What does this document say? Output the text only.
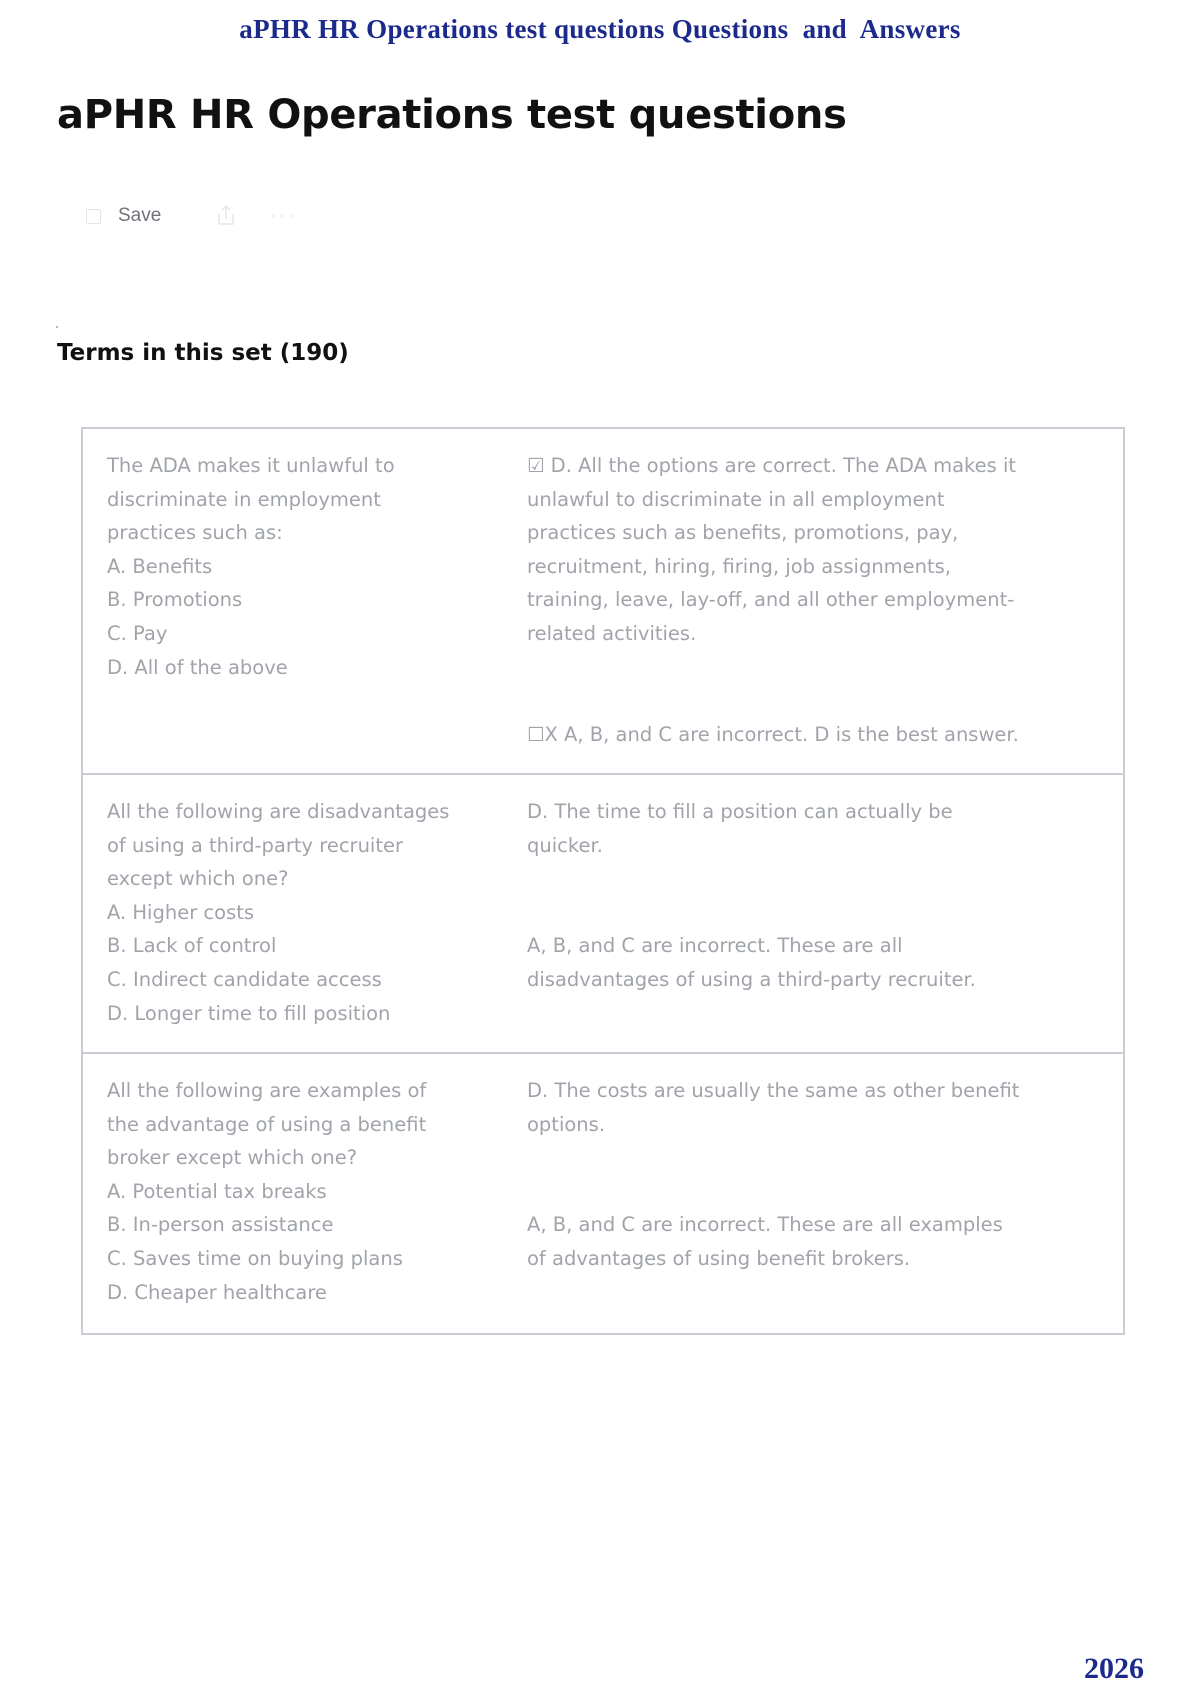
aPHR HR Operations test questions Questions  and  Answers
aPHR HR Operations test questions
Save
Terms in this set (190)
The ADA makes it unlawful to
discriminate in employment
practices such as:
A. Benefits
B. Promotions
C. Pay
D. All of the above
☑ D. All the options are correct. The ADA makes it
unlawful to discriminate in all employment
practices such as benefits, promotions, pay,
recruitment, hiring, firing, job assignments,
training, leave, lay-off, and all other employment-
related activities.
☐X A, B, and C are incorrect. D is the best answer.
All the following are disadvantages
of using a third-party recruiter
except which one?
A. Higher costs
B. Lack of control
C. Indirect candidate access
D. Longer time to fill position
D. The time to fill a position can actually be
quicker.
A, B, and C are incorrect. These are all
disadvantages of using a third-party recruiter.
All the following are examples of
the advantage of using a benefit
broker except which one?
A. Potential tax breaks
B. In-person assistance
C. Saves time on buying plans
D. Cheaper healthcare
D. The costs are usually the same as other benefit
options.
A, B, and C are incorrect. These are all examples
of advantages of using benefit brokers.
2026
